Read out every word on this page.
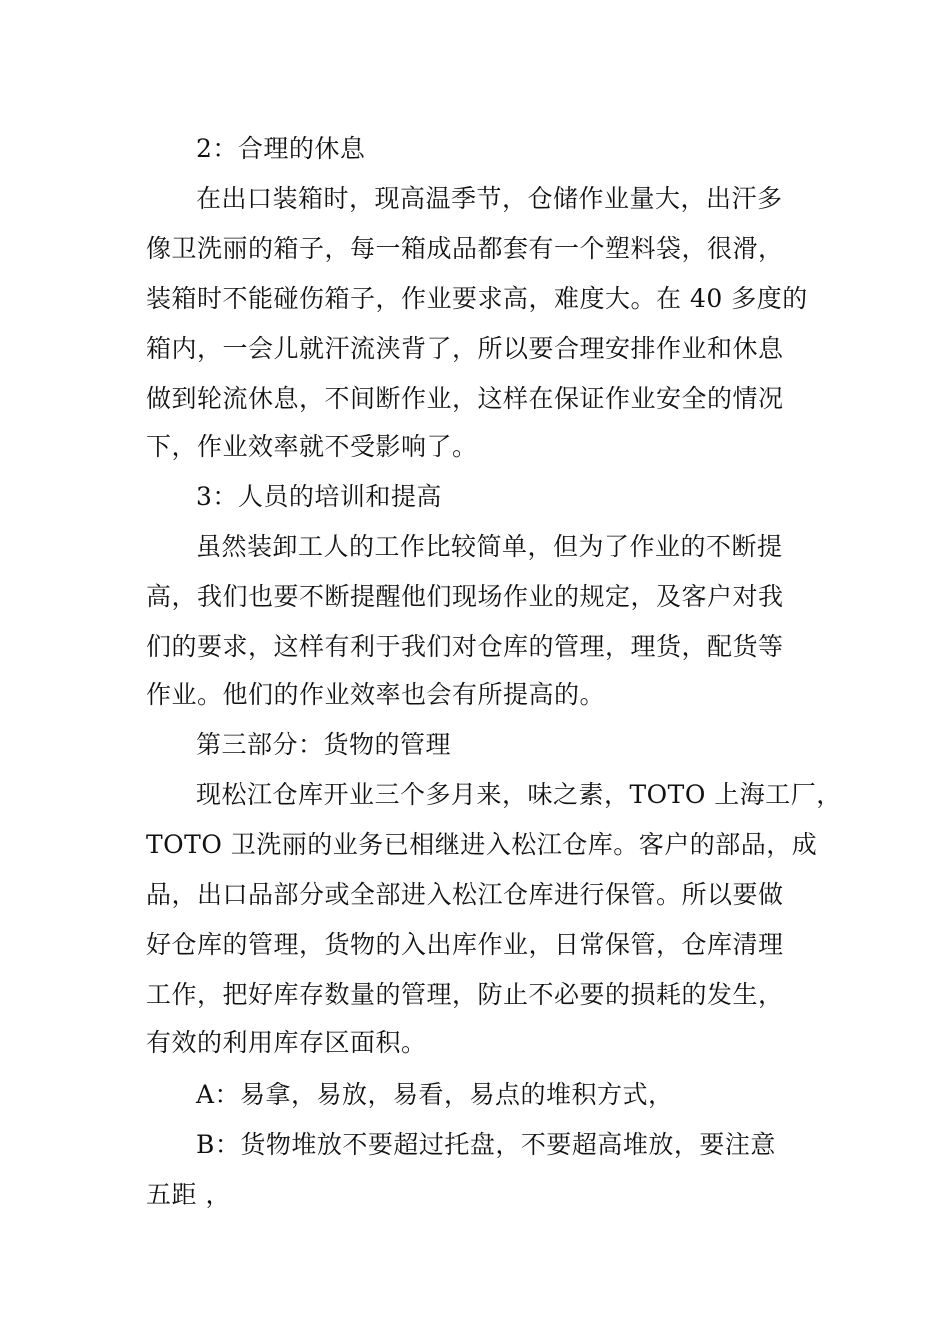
2：合理的休息
在出口装箱时，现高温季节，仓储作业量大，出汗多
像卫洗丽的箱子，每一箱成品都套有一个塑料袋，很滑，
装箱时不能碰伤箱子，作业要求高，难度大。在 40 多度的
箱内，一会儿就汗流浃背了，所以要合理安排作业和休息
做到轮流休息，不间断作业，这样在保证作业安全的情况
下，作业效率就不受影响了。
3：人员的培训和提高
虽然装卸工人的工作比较简单，但为了作业的不断提
高，我们也要不断提醒他们现场作业的规定，及客户对我
们的要求，这样有利于我们对仓库的管理，理货，配货等
作业。他们的作业效率也会有所提高的。
第三部分：货物的管理
现松江仓库开业三个多月来，味之素，TOTO 上海工厂，
TOTO 卫洗丽的业务已相继进入松江仓库。客户的部品，成
品，出口品部分或全部进入松江仓库进行保管。所以要做
好仓库的管理，货物的入出库作业，日常保管，仓库清理
工作，把好库存数量的管理，防止不必要的损耗的发生，
有效的利用库存区面积。
A：易拿，易放，易看，易点的堆积方式，
B：货物堆放不要超过托盘，不要超高堆放，要注意
五距 ，
